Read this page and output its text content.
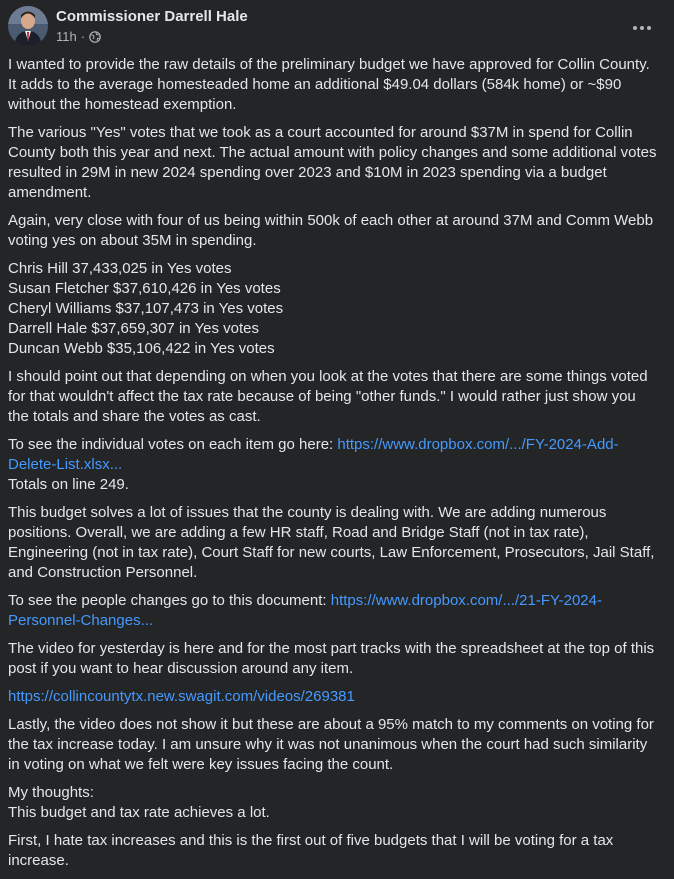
Commissioner Darrell Hale
11h ·

I wanted to provide the raw details of the preliminary budget we have approved for Collin County. It adds to the average homesteaded home an additional $49.04 dollars (584k home) or ~$90 without the homestead exemption.

The various "Yes" votes that we took as a court accounted for around $37M in spend for Collin County both this year and next. The actual amount with policy changes and some additional votes resulted in 29M in new 2024 spending over 2023 and $10M in 2023 spending via a budget amendment.

Again, very close with four of us being within 500k of each other at around 37M and Comm Webb voting yes on about 35M in spending.

Chris Hill 37,433,025 in Yes votes
Susan Fletcher $37,610,426 in Yes votes
Cheryl Williams $37,107,473 in Yes votes
Darrell Hale $37,659,307 in Yes votes
Duncan Webb $35,106,422 in Yes votes

I should point out that depending on when you look at the votes that there are some things voted for that wouldn't affect the tax rate because of being "other funds." I would rather just show you the totals and share the votes as cast.

To see the individual votes on each item go here: https://www.dropbox.com/.../FY-2024-Add-Delete-List.xlsx...
Totals on line 249.

This budget solves a lot of issues that the county is dealing with. We are adding numerous positions. Overall, we are adding a few HR staff, Road and Bridge Staff (not in tax rate), Engineering (not in tax rate), Court Staff for new courts, Law Enforcement, Prosecutors, Jail Staff, and Construction Personnel.

To see the people changes go to this document: https://www.dropbox.com/.../21-FY-2024-Personnel-Changes...

The video for yesterday is here and for the most part tracks with the spreadsheet at the top of this post if you want to hear discussion around any item.

https://collincountytx.new.swagit.com/videos/269381

Lastly, the video does not show it but these are about a 95% match to my comments on voting for the tax increase today. I am unsure why it was not unanimous when the court had such similarity in voting on what we felt were key issues facing the count.

My thoughts:
This budget and tax rate achieves a lot.

First, I hate tax increases and this is the first out of five budgets that I will be voting for a tax increase.
